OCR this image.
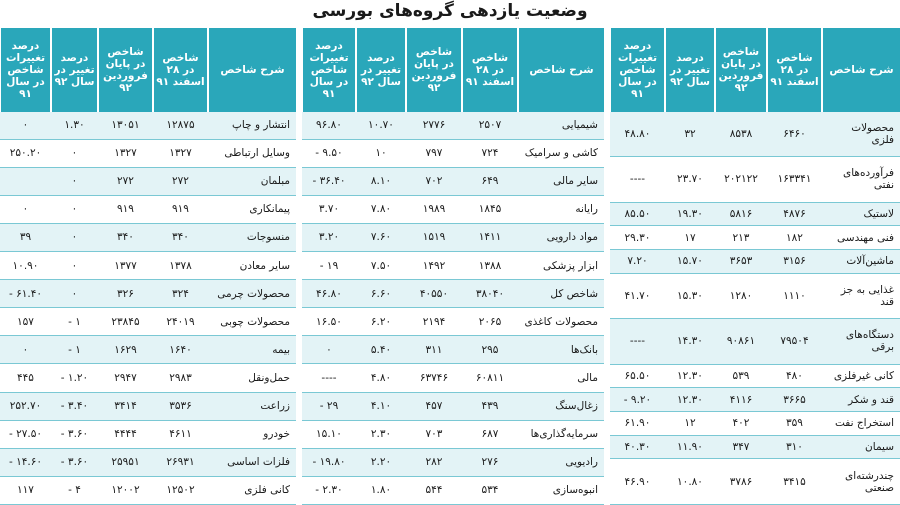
وضعیت یازدهی گروه‌های بورسی
شرح شاخص	شاخص در ۲۸ اسفند ۹۱	شاخص در پایان فروردین ۹۲	درصد تغییر در سال ۹۲	درصد تغییرات شاخص در سال ۹۱
محصولات فلزی	۶۴۶۰	۸۵۳۸	۳۲	۴۸.۸۰
فرآورده‌های نفتی	۱۶۳۳۴۱	۲۰۲۱۲۲	۲۳.۷۰	----
لاستیک	۴۸۷۶	۵۸۱۶	۱۹.۳۰	۸۵.۵۰
فنی مهندسی	۱۸۲	۲۱۳	۱۷	۲۹.۳۰
ماشین‌آلات	۳۱۵۶	۳۶۵۳	۱۵.۷۰	۷.۲۰
غذایی به جز قند	۱۱۱۰	۱۲۸۰	۱۵.۳۰	۴۱.۷۰
دستگاه‌های برقی	۷۹۵۰۴	۹۰۸۶۱	۱۴.۳۰	----
کانی غیرفلزی	۴۸۰	۵۳۹	۱۲.۳۰	۶۵.۵۰
قند و شکر	۳۶۶۵	۴۱۱۶	۱۲.۳۰	- ۹.۲۰
استخراج نفت	۳۵۹	۴۰۲	۱۲	۶۱.۹۰
سیمان	۳۱۰	۳۴۷	۱۱.۹۰	۴۰.۳۰
چندرشته‌ای صنعتی	۳۴۱۵	۳۷۸۶	۱۰.۸۰	۴۶.۹۰
شرح شاخص	شاخص در ۲۸ اسفند ۹۱	شاخص در پایان فروردین ۹۲	درصد تغییر در سال ۹۲	درصد تغییرات شاخص در سال ۹۱
شیمیایی	۲۵۰۷	۲۷۷۶	۱۰.۷۰	۹۶.۸۰
کاشی و سرامیک	۷۲۴	۷۹۷	۱۰	- ۹.۵۰
سایر مالی	۶۴۹	۷۰۲	۸.۱۰	- ۳۶.۴۰
رایانه	۱۸۴۵	۱۹۸۹	۷.۸۰	۳.۷۰
مواد دارویی	۱۴۱۱	۱۵۱۹	۷.۶۰	۳.۲۰
ابزار پزشکی	۱۳۸۸	۱۴۹۲	۷.۵۰	- ۱۹
شاخص کل	۳۸۰۴۰	۴۰۵۵۰	۶.۶۰	۴۶.۸۰
محصولات کاغذی	۲۰۶۵	۲۱۹۴	۶.۲۰	۱۶.۵۰
بانک‌ها	۲۹۵	۳۱۱	۵.۴۰	۰
مالی	۶۰۸۱۱	۶۳۷۴۶	۴.۸۰	----
زغال‌سنگ	۴۳۹	۴۵۷	۴.۱۰	- ۲۹
سرمایه‌گذاری‌ها	۶۸۷	۷۰۳	۲.۳۰	۱۵.۱۰
رادیویی	۲۷۶	۲۸۲	۲.۲۰	- ۱۹.۸۰
انبوه‌سازی	۵۳۴	۵۴۴	۱.۸۰	- ۲.۳۰
شرح شاخص	شاخص در ۲۸ اسفند ۹۱	شاخص در پایان فروردین ۹۲	درصد تغییر در سال ۹۲	درصد تغییرات شاخص در سال ۹۱
انتشار و چاپ	۱۲۸۷۵	۱۳۰۵۱	۱.۳۰	۰
وسایل ارتباطی	۱۳۲۷	۱۳۲۷	۰	۲۵۰.۲۰
مبلمان	۲۷۲	۲۷۲	۰	
پیمانکاری	۹۱۹	۹۱۹	۰	۰
منسوجات	۳۴۰	۳۴۰	۰	۳۹
سایر معادن	۱۳۷۸	۱۳۷۷	۰	۱۰.۹۰
محصولات چرمی	۳۲۴	۳۲۶	۰	- ۶۱.۴۰
محصولات چوبی	۲۴۰۱۹	۲۳۸۴۵	- ۱	۱۵۷
بیمه	۱۶۴۰	۱۶۲۹	- ۱	۰
حمل‌ونقل	۲۹۸۳	۲۹۴۷	- ۱.۲۰	۴۴۵
زراعت	۳۵۳۶	۳۴۱۴	- ۳.۴۰	۲۵۲.۷۰
خودرو	۴۶۱۱	۴۴۴۴	- ۳.۶۰	- ۲۷.۵۰
فلزات اساسی	۲۶۹۳۱	۲۵۹۵۱	- ۳.۶۰	- ۱۴.۶۰
کانی فلزی	۱۲۵۰۲	۱۲۰۰۲	- ۴	۱۱۷
